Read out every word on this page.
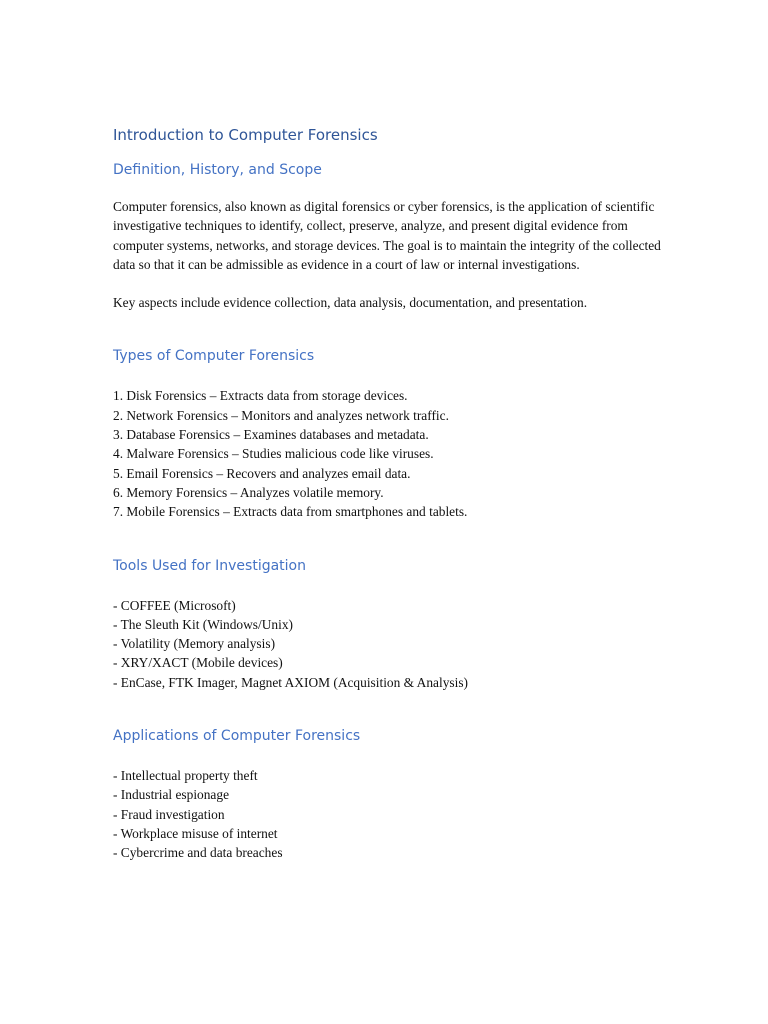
Introduction to Computer Forensics
Definition, History, and Scope

Computer forensics, also known as digital forensics or cyber forensics, is the application of scientific investigative techniques to identify, collect, preserve, analyze, and present digital evidence from computer systems, networks, and storage devices. The goal is to maintain the integrity of the collected data so that it can be admissible as evidence in a court of law or internal investigations.

Key aspects include evidence collection, data analysis, documentation, and presentation.

Types of Computer Forensics
1. Disk Forensics – Extracts data from storage devices.
2. Network Forensics – Monitors and analyzes network traffic.
3. Database Forensics – Examines databases and metadata.
4. Malware Forensics – Studies malicious code like viruses.
5. Email Forensics – Recovers and analyzes email data.
6. Memory Forensics – Analyzes volatile memory.
7. Mobile Forensics – Extracts data from smartphones and tablets.
Tools Used for Investigation
- COFFEE (Microsoft)
- The Sleuth Kit (Windows/Unix)
- Volatility (Memory analysis)
- XRY/XACT (Mobile devices)
- EnCase, FTK Imager, Magnet AXIOM (Acquisition & Analysis)
Applications of Computer Forensics
- Intellectual property theft
- Industrial espionage
- Fraud investigation
- Workplace misuse of internet
- Cybercrime and data breaches
